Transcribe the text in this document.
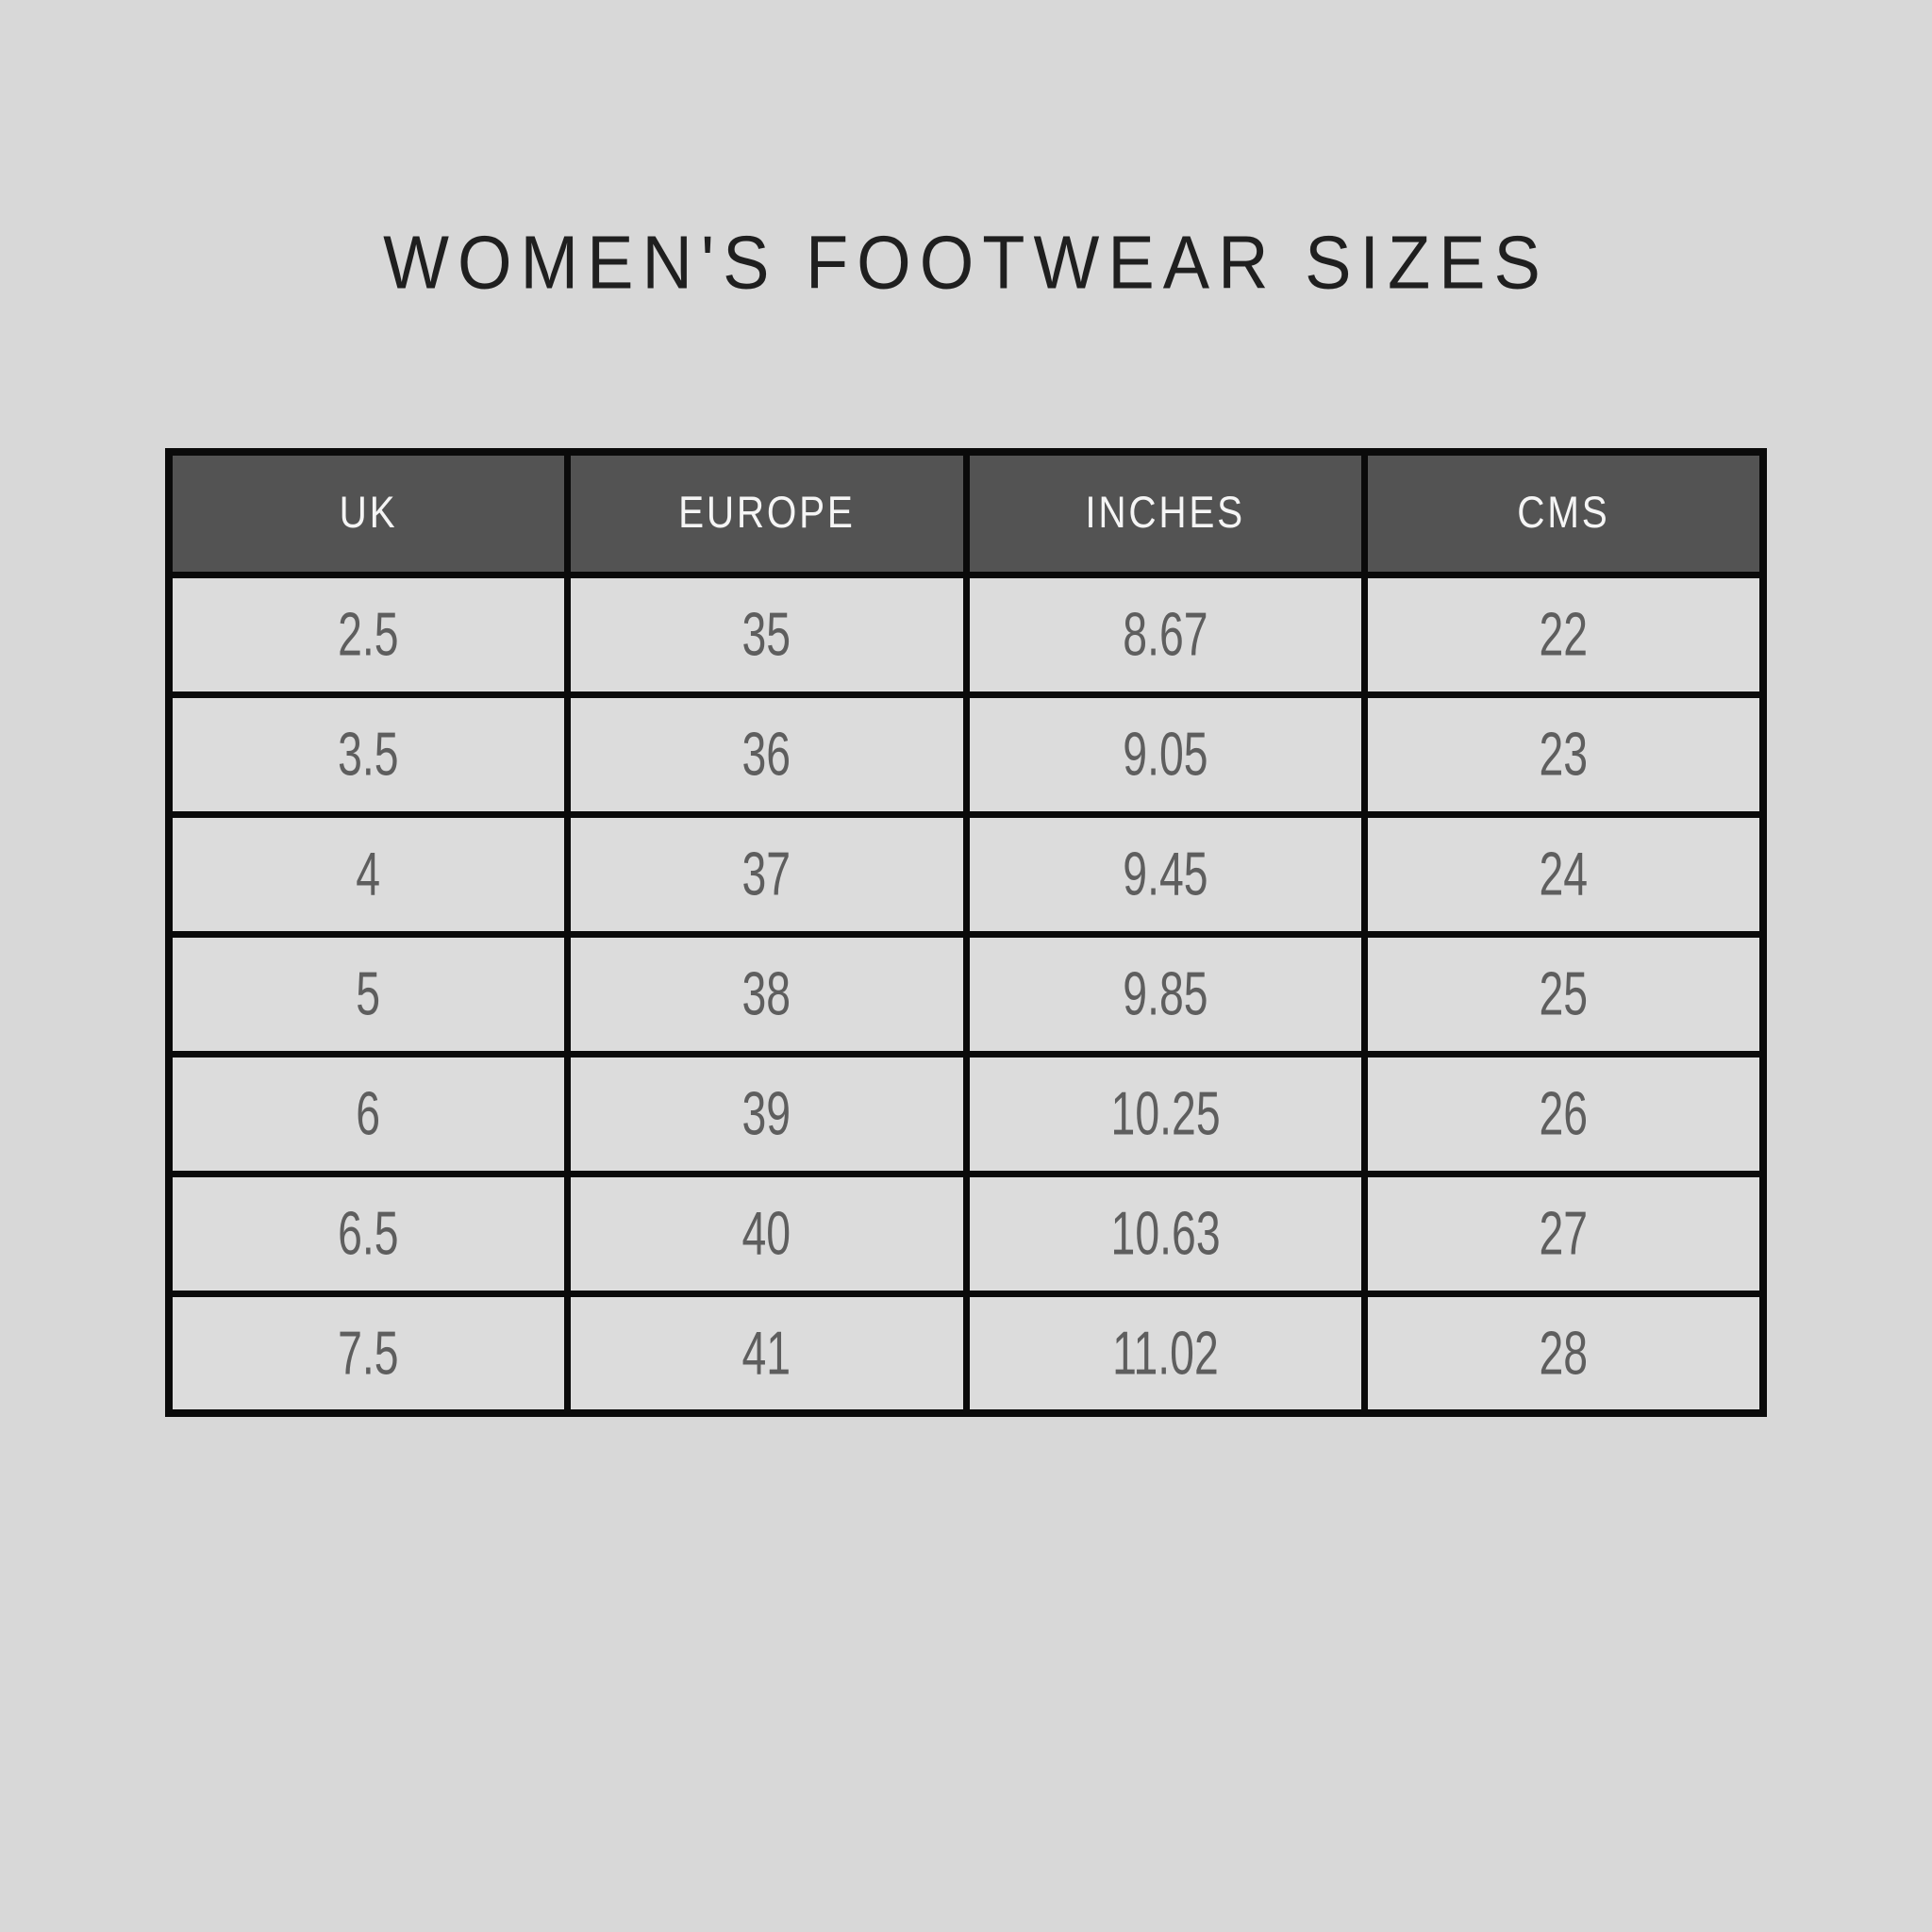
WOMEN'S FOOTWEAR SIZES
UK	EUROPE	INCHES	CMS
2.5	35	8.67	22
3.5	36	9.05	23
4	37	9.45	24
5	38	9.85	25
6	39	10.25	26
6.5	40	10.63	27
7.5	41	11.02	28
